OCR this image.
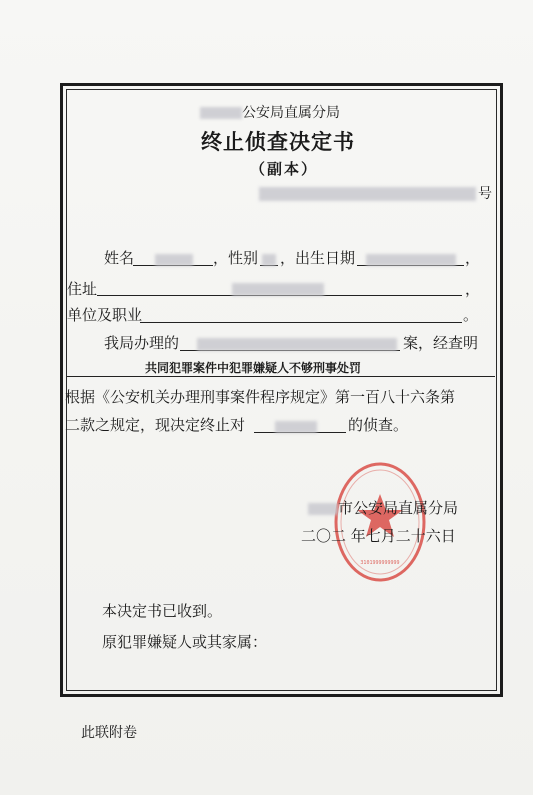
公安局直属分局
终止侦查决定书
（副本）
号
姓名	，性别 ，出生日期	，
住址	，
单位及职业	。
我局办理的	案，经查明
共同犯罪案件中犯罪嫌疑人不够刑事处罚
根据《公安机关办理刑事案件程序规定》第一百八十六条第
二款之规定，现决定终止对	的侦查。
3101999999999
市公安局直属分局
二〇二 年七月二十六日
本决定书已收到。
原犯罪嫌疑人或其家属：
此联附卷
